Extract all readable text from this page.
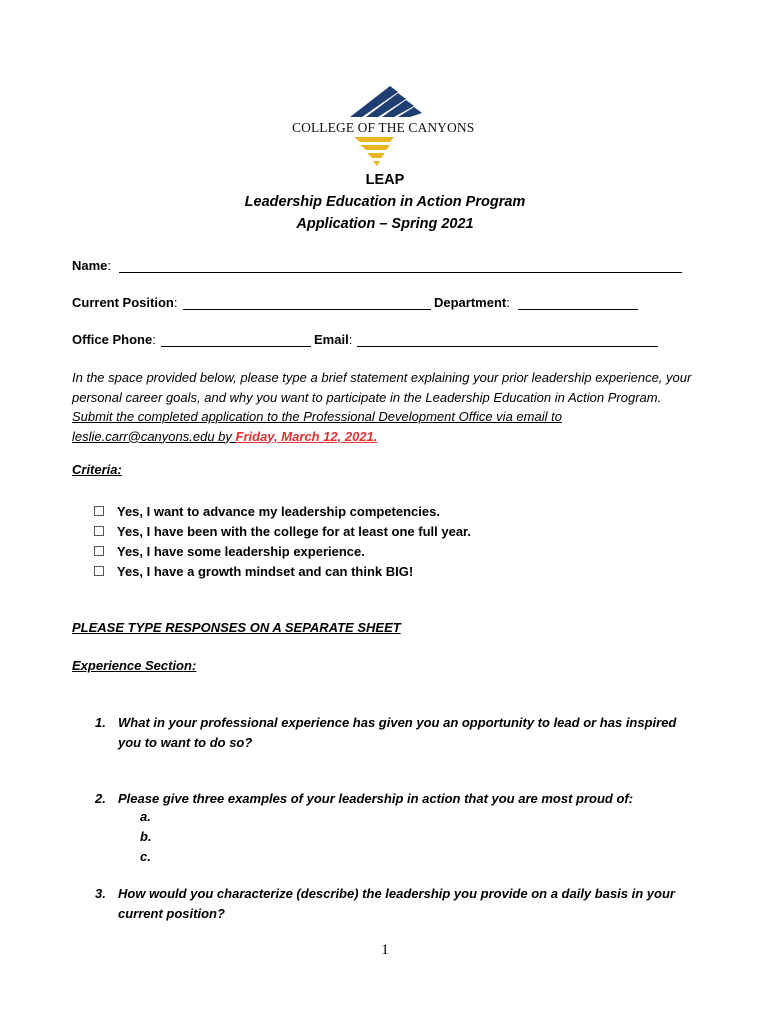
COLLEGE OF THE CANYONS
LEAP
Leadership Education in Action Program
Application – Spring 2021
Name:
Current Position:	Department:
Office Phone:	Email:
In the space provided below, please type a brief statement explaining your prior leadership experience, your personal career goals, and why you want to participate in the Leadership Education in Action Program.  Submit the completed application to the Professional Development Office via email to leslie.carr@canyons.edu by Friday, March 12, 2021.
Criteria:
Yes, I want to advance my leadership competencies.
Yes, I have been with the college for at least one full year.
Yes, I have some leadership experience.
Yes, I have a growth mindset and can think BIG!
PLEASE TYPE RESPONSES ON A SEPARATE SHEET
Experience Section:
1. What in your professional experience has given you an opportunity to lead or has inspired you to want to do so?
2. Please give three examples of your leadership in action that you are most proud of:
a.
b.
c.
3. How would you characterize (describe) the leadership you provide on a daily basis in your current position?
1
